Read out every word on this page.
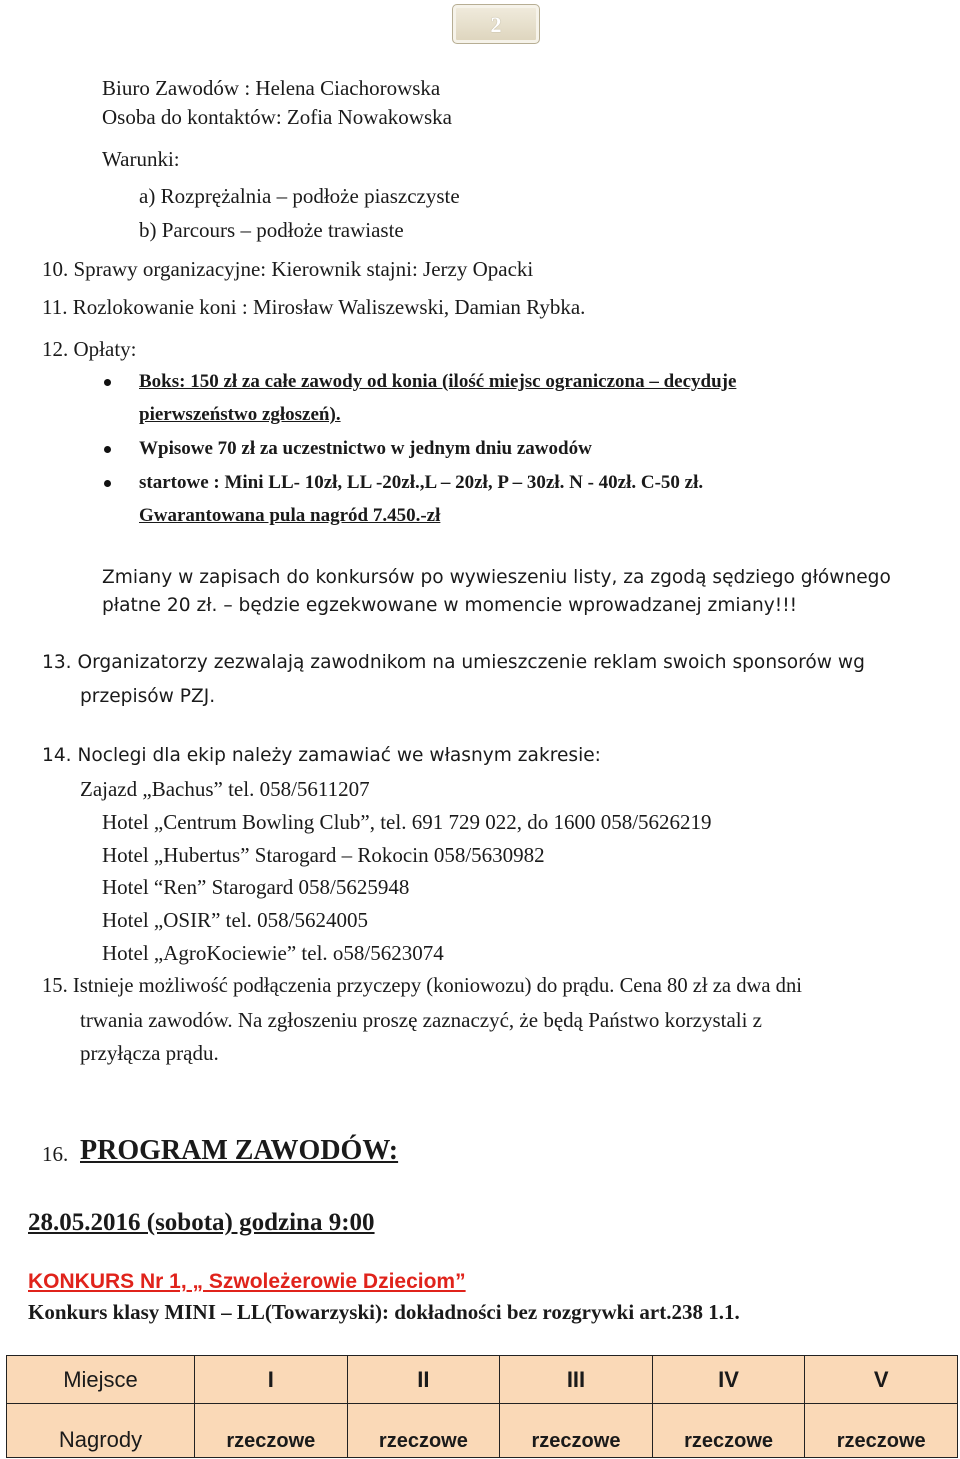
2
Biuro Zawodów : Helena Ciachorowska
Osoba do kontaktów: Zofia Nowakowska
Warunki:
a) Rozprężalnia – podłoże piaszczyste
b) Parcours – podłoże trawiaste
10. Sprawy organizacyjne: Kierownik stajni: Jerzy Opacki
11. Rozlokowanie koni : Mirosław Waliszewski, Damian Rybka.
12. Opłaty:
Boks: 150 zł za całe zawody od konia (ilość miejsc ograniczona – decyduje
pierwszeństwo zgłoszeń).
Wpisowe 70 zł za uczestnictwo w jednym dniu zawodów
startowe : Mini LL- 10zł, LL -20zł.,L – 20zł, P – 30zł. N - 40zł. C-50 zł.
Gwarantowana pula nagród 7.450.-zł
Zmiany w zapisach do konkursów po wywieszeniu listy, za zgodą sędziego głównego
płatne 20 zł. – będzie egzekwowane w momencie wprowadzanej zmiany!!!
13. Organizatorzy zezwalają zawodnikom na umieszczenie reklam swoich sponsorów wg
przepisów PZJ.
14. Noclegi dla ekip należy zamawiać we własnym zakresie:
Zajazd „Bachus” tel. 058/5611207
Hotel „Centrum Bowling Club”, tel. 691 729 022, do 1600 058/5626219
Hotel „Hubertus” Starogard – Rokocin 058/5630982
Hotel “Ren” Starogard 058/5625948
Hotel „OSIR” tel. 058/5624005
Hotel „AgroKociewie” tel. o58/5623074
15. Istnieje możliwość podłączenia przyczepy (koniowozu) do prądu. Cena 80 zł za dwa dni
trwania zawodów. Na zgłoszeniu proszę zaznaczyć, że będą Państwo korzystali z
przyłącza prądu.
16. PROGRAM ZAWODÓW:
28.05.2016 (sobota) godzina 9:00
KONKURS Nr 1, „ Szwoleżerowie Dzieciom”
Konkurs klasy MINI – LL(Towarzyski): dokładności bez rozgrywki art.238 1.1.
Miejsce	I	II	III	IV	V
Nagrody	rzeczowe	rzeczowe	rzeczowe	rzeczowe	rzeczowe
